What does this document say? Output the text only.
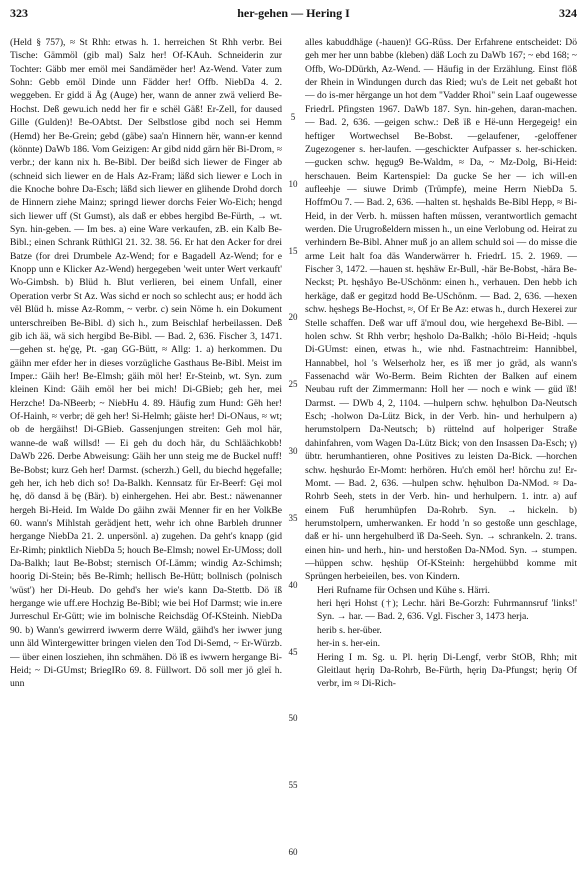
323	her-gehen — Hering I	324
5
10
15
20
25
30
35
40
45
50
55
60

(Held § 757), ≈ St Rhh: etwas h. 1. herreichen St Rhh verbr. Bei Tische: Gämmöl (gib mal) Salz her! Of-KAuh. Schneiderin zur Tochter: Gäbb mer emöl mei Sandämëder her! Az-Wend. Vater zum Sohn: Gebb emöl Dinde unn Fädder her! Offb. NiebDa 4. 2. weggeben. Er gidd ä Åg (Auge) her, wann de anner zwä velierd Be-Hochst. Deß gewu.ich nedd her fir e schël Gäß! Er-Zell, for daused Gille (Gulden)! Be-OAbtst. Der Selbstlose gibd noch sei Hemm (Hemd) her Be-Grein; gebd (gäbe) saa'n Hinnern hër, wann-er kennd (könnte) DaWb 186. Vom Geizigen: Ar gibd nidd gärn hër Bi-Drom, ≈ verbr.; der kann nix h. Be-Bibl. Der beißd sich liewer de Finger ab (schneid sich liewer en de Hals Az-Fram; läßd sich liewer e Loch in die Knoche bohre Da-Esch; läßd sich liewer en glihende Drohd dorch de Hinnern ziehe Mainz; springd liewer dorchs Feier Wo-Eich; hengd sich liewer uff (St Gumst), als daß er ebbes hergibd Be-Fürth, → wt. Syn. hin-geben. — Im bes. a) eine Ware verkaufen, zB. ein Kalb Be-Bibl.; einen Schrank RüthlGl 21. 32. 38. 56. Er hat den Acker for drei Batze (for drei Drumbele Az-Wend; for e Bagadell Az-Wend; for e Knopp unn e Klicker Az-Wend) hergegeben 'weit unter Wert verkauft' Wo-Gimbsh. b) Blüd h. Blut verlieren, bei einem Unfall, einer Operation verbr St Az. Was sichd er noch so schlecht aus; er hodd äch vël Blüd h. misse Az-Romm, ~ verbr. c) sein Nöme h. ein Dokument unterschreiben Be-Bibl. d) sich h., zum Beischlaf herbeilassen. Deß gib ich ää, wä sich hergibd Be-Bibl. — Bad. 2, 636. Fischer 3, 1471. —gehen st. hę'gę, Pt. -gaŋ GG-Bütt, ≈ Allg: 1. a) herkommen. Du gäihn mer efder her in dieses vorzügliche Gasthaus Be-Bibl. Meist im Imper.: Gäih her! Be-Elmsh; gäih möl her! Er-Steinb, wt. Syn. zum kleinen Kind: Gäih emöl her bei mich! Di-GBieb; geh her, mei Herzche! Da-NBeerb; ~ NiebHu 4. 89. Häufig zum Hund: Gëh her! Of-Hainh, ≈ verbr; dë geh her! Si-Helmh; gäiste her! Di-ONaus, ≈ wt; ob de hergäihst! Di-GBieb. Gassenjungen streiten: Geh mol här, wanne-de waß willsd! — Ei geh du doch här, du Schläächkobb! DaWb 226. Derbe Abweisung: Gäih her unn steig me de Buckel nuff! Be-Bobst; kurz Geh her! Darmst. (scherzh.) Gell, du biechd hęgefalle; geh her, ich heb dich so! Da-Balkh. Kennsatz für Er-Beerf: Gęi mol hę, dö dansd ä bę (Bär). b) einhergehen. Hei abr. Best.: näwenanner hergeh Bi-Heid. Im Walde Do gäihn zwäi Menner fir en her VolkBe 60. wann's Mihlstah gerädjent hett, wehr ich ohne Barbleh drunner hergange NiebDa 21. 2. unpersönl. a) zugehen. Da geht's knapp (gid Er-Rimh; pinktlich NiebDa 5; houch Be-Elmsh; nowel Er-UMoss; doll Da-Balkh; laut Be-Bobst; sternisch Of-Lämm; windig Az-Schimsh; hoorig Di-Stein; bës Be-Rimh; hellisch Be-Hütt; bollnisch (polnisch 'wüst') her Di-Heub. Do gehd's her wie's kann Da-Stettb. Dö ïß hergange wie uff.ere Hochzig Be-Bibl; wie bei Hof Darmst; wie in.ere Jurreschul Er-Gütt; wie im bolnische Reichsdäg Of-KSteinh. NiebDa 90. b) Wann's gewirrerd iwwerm derre Wäld, gäihd's her iwwer jung unn äld Wintergewitter bringen vielen den Tod Di-Semd, ~ Er-Würzb. — über einen losziehen, ihn schmähen. Dö ïß es iwwern hergange Bi-Heid; ~ Di-GUmst; BriegIRo 69. 8. Füllwort. Dö soll mer jö gleï h. unn

alles kabuddhäge (-hauen)! GG-Rüss. Der Erfahrene entscheidet: Dö geh mer her unn babbe (kleben) däß Loch zu DaWb 167; ~ ebd 168; ~ Offb, Wo-DDürkh, Az-Wend. — Häufig in der Erzählung. Einst flöß der Rhein in Windungen durch das Ried; wu's de Leit net gebaßt hot — do is-mer hërgange un hot dem "Vadder Rhoi" sein Laaf ougewesse FriedrL Pfingsten 1967. DaWb 187. Syn. hin-gehen, daran-machen. — Bad. 2, 636. —geigen schw.: Deß ïß e Hë-unn Hergegeig! ein heftiger Wortwechsel Be-Bobst. —gelaufener, -geloffener Zugezogener s. her-laufen. —geschickter Aufpasser s. her-schicken. —gucken schw. hęgug9 Be-Waldm, ≈ Da, ~ Mz-Dolg, Bi-Heid: herschauen. Beim Kartenspiel: Da gucke Se her — ich will-en aufleehje — siuwe Drimb (Trümpfe), meine Herrn NiebDa 5. HoffmOu 7. — Bad. 2, 636. —halten st. hęshalds Be-Bibl Hepp, ≈ Bi-Heid, in der Verb. h. müssen haften müssen, verantwortlich gemacht werden. Die Urugroßeldern missen h., un eine Verlobung od. Heirat zu verhindern Be-Bibl. Ahner muß jo an allem schuld soi — do misse die arme Leit halt foa däs Wanderwärrer h. FriedrL 15. 2. 1969. — Fischer 3, 1472. —hauen st. hęshäw Er-Bull, -här Be-Bobst, -hära Be-Neckst; Pt. hęshåyo Be-USchönm: einen h., verhauen. Den hebb ich herkäge, daß er gegitzd hodd Be-USchönm. — Bad. 2, 636. —hexen schw. hęshegs Be-Hochst, ≈, Of Er Be Az: etwas h., durch Hexerei zur Stelle schaffen. Deß war uff ä'moul dou, wie hergehexd Be-Bibl. —holen schw. St Rhh verbr; hęsholo Da-Balkh; -hölo Bi-Heid; -hquls Di-GUmst: einen, etwas h., wie nhd. Fastnachtreim: Hannibbel, Hannabbel, hol 's Welserholz her, es ïß mer jo gräd, als wann's Fassenachd wär Wo-Berm. Beim Richten der Balken auf einem Neubau ruft der Zimmermann: Holl her — noch e wink — güd ïß! Darmst. — DWb 4, 2, 1104. —hulpern schw. hęhulbon Da-Neutsch Esch; -holwon Da-Lütz Bick, in der Verb. hin- und herhulpern a) herumstolpern Da-Neutsch; b) rüttelnd auf holperiger Straße dahinfahren, vom Wagen Da-Lütz Bick; von den Insassen Da-Esch; γ) übtr. herumhantieren, ohne Positives zu leisten Da-Bick. —horchen schw. hęshuråo Er-Momt: herhören. Hu'ch emöl her! hörchu zu! Er-Momt. — Bad. 2, 636. —hulpen schw. hęhulbon Da-NMod. ≈ Da-Rohrb Seeh, stets in der Verb. hin- und herhulpern. 1. intr. a) auf einem Fuß herumhüpfen Da-Rohrb. Syn. → hickeln. b) herumstolpern, umherwanken. Er hodd 'n so gestoße unn geschlage, daß er hi- unn hergehulberd ïß Da-Seeh. Syn. → schrankeln. 2. trans. einen hin- und herh., hin- und herstoßen Da-NMod. Syn. → stumpen. —hüppen schw. hęshüp Of-KSteinh: hergehübbd komme mit Sprüngen herbeieilen, bes. von Kindern.

Heri Rufname für Ochsen und Kühe s. Härri.

heri hęri Hohst (†); Lechr. häri Be-Gorzh: Fuhrmannsruf 'links!' Syn. → har. — Bad. 2, 636. Vgl. Fischer 3, 1473 herja.

herib s. her-über.

her-in s. her-ein.

Hering I m. Sg. u. Pl. hęriŋ Di-Lengf, verbr StOB, Rhh; mit Gleitlaut hęriŋ Da-Rohrb, Be-Fürth, hęriŋ Da-Pfungst; hęriŋ Of verbr, im ≈ Di-Rich-
